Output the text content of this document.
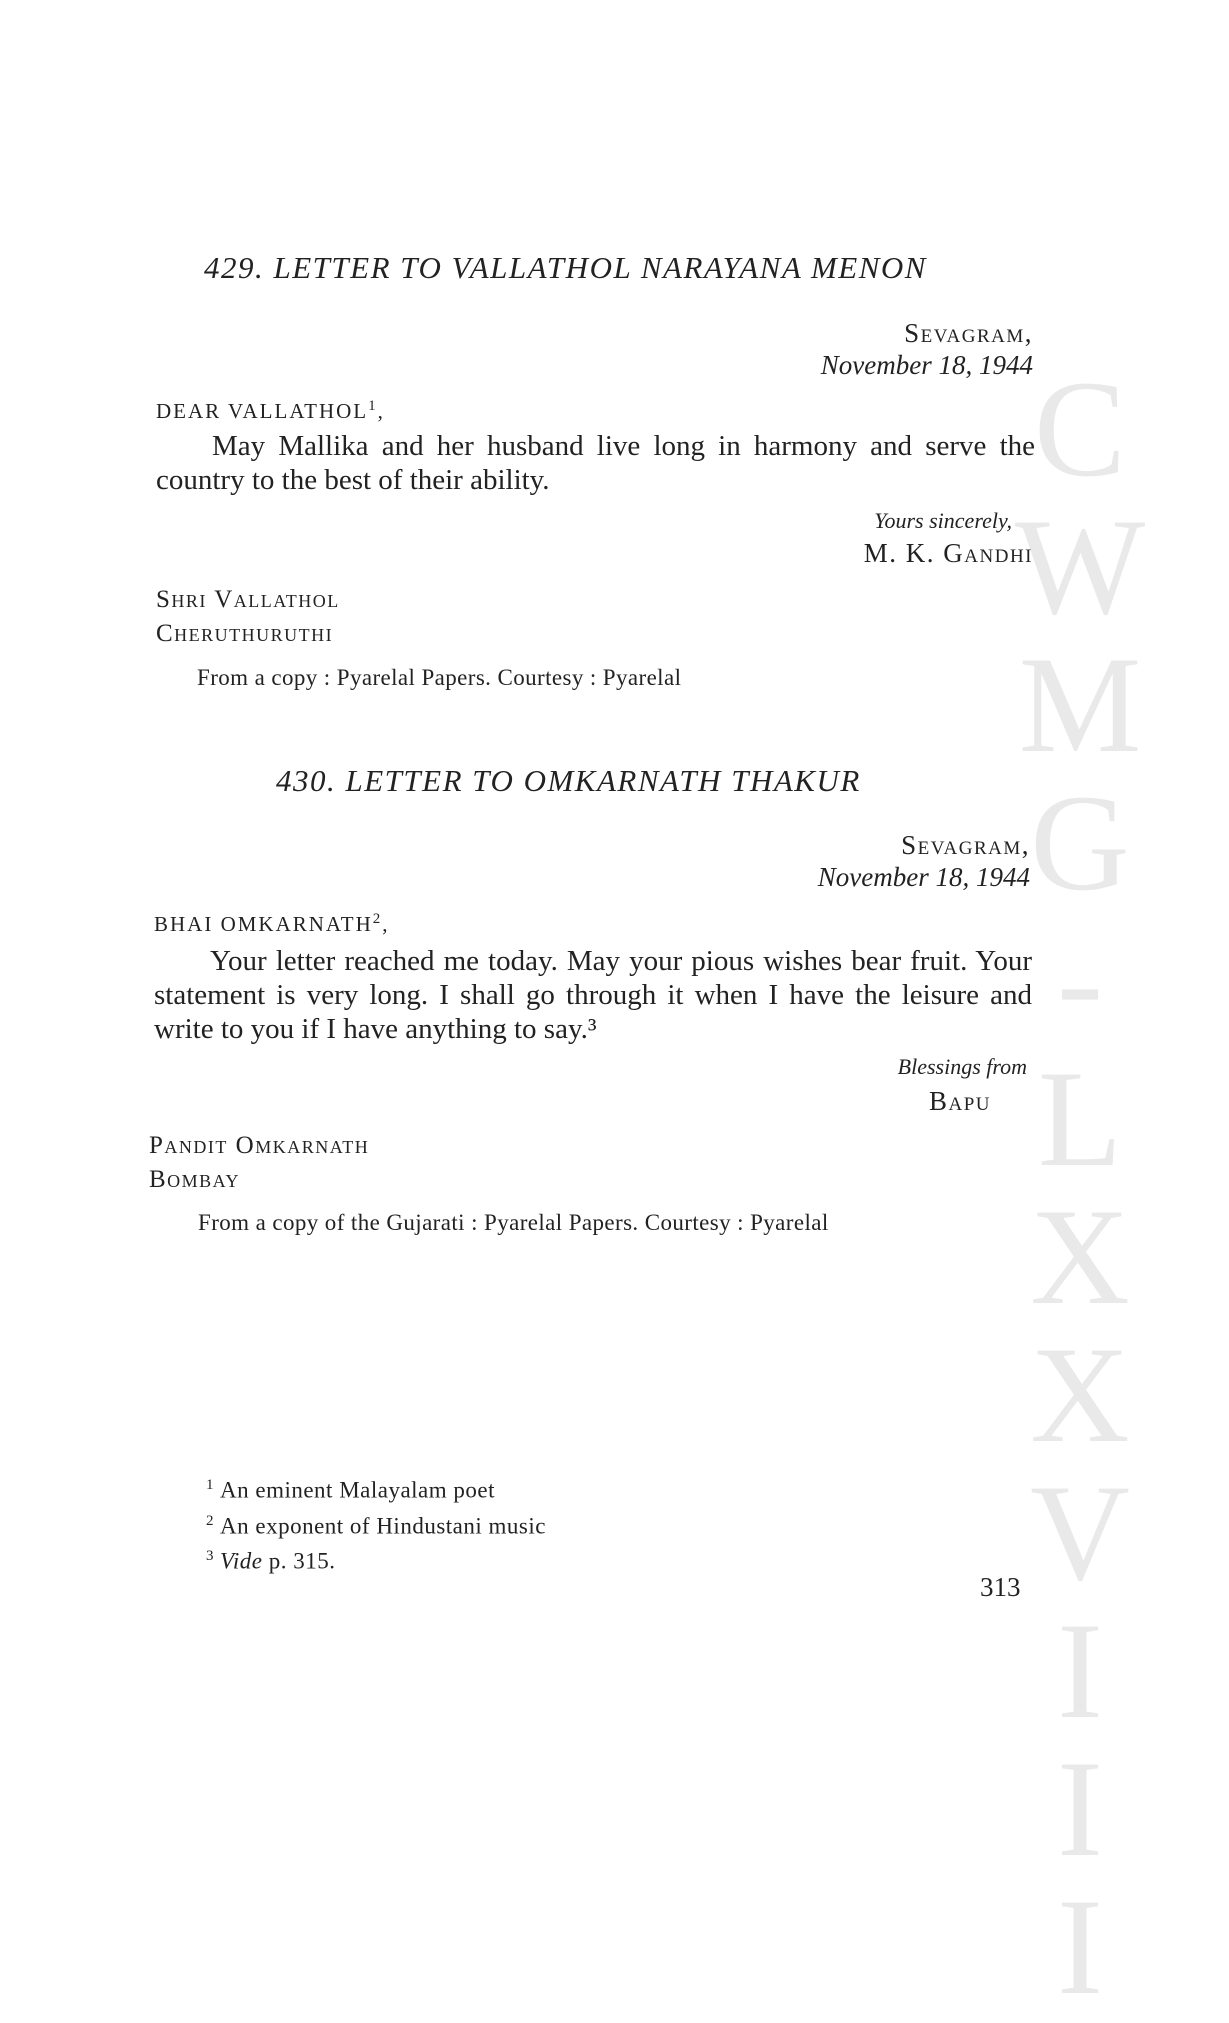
C
W
M
G
-
L
X
X
V
I
I
I
429. LETTER TO VALLATHOL NARAYANA MENON
Sevagram,
November 18, 1944
DEAR VALLATHOL$^1$,

May Mallika and her husband live long in harmony and serve the country to the best of their ability.

Yours sincerely,
M. K. Gandhi
Shri Vallathol
Cheruthuruthi
From a copy : Pyarelal Papers. Courtesy : Pyarelal
430. LETTER TO OMKARNATH THAKUR
Sevagram,
November 18, 1944
BHAI OMKARNATH$^2$,

Your letter reached me today. May your pious wishes bear fruit. Your statement is very long. I shall go through it when I have the leisure and write to you if I have anything to say.³

Blessings from
Bapu
Pandit Omkarnath
Bombay
From a copy of the Gujarati : Pyarelal Papers. Courtesy : Pyarelal
$^1$ An eminent Malayalam poet
$^2$ An exponent of Hindustani music
$^3$ Vide p. 315.
313
